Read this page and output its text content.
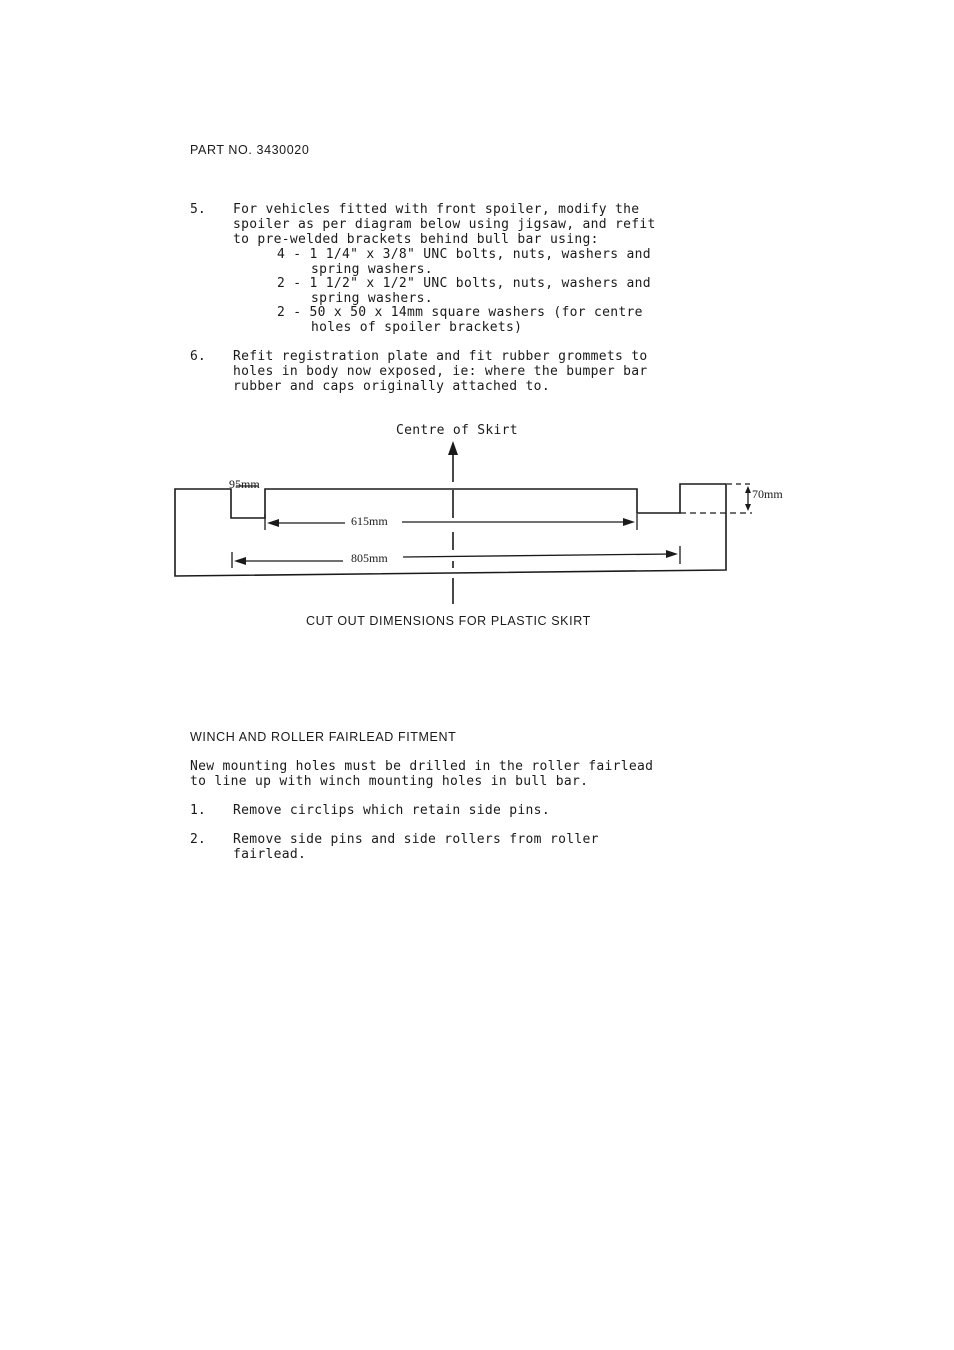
PART NO. 3430020
5. For vehicles fitted with front spoiler, modify the
spoiler as per diagram below using jigsaw, and refit
to pre-welded brackets behind bull bar using:
4 - 1 1/4" x 3/8" UNC bolts, nuts, washers and
spring washers.
2 - 1 1/2" x 1/2" UNC bolts, nuts, washers and
spring washers.
2 - 50 x 50 x 14mm square washers (for centre
holes of spoiler brackets)
6. Refit registration plate and fit rubber grommets to
holes in body now exposed, ie: where the bumper bar
rubber and caps originally attached to.
Centre of Skirt
95mm
70mm
615mm
805mm
CUT OUT DIMENSIONS FOR PLASTIC SKIRT
WINCH AND ROLLER FAIRLEAD FITMENT
New mounting holes must be drilled in the roller fairlead
to line up with winch mounting holes in bull bar.
1. Remove circlips which retain side pins.
2. Remove side pins and side rollers from roller
fairlead.
